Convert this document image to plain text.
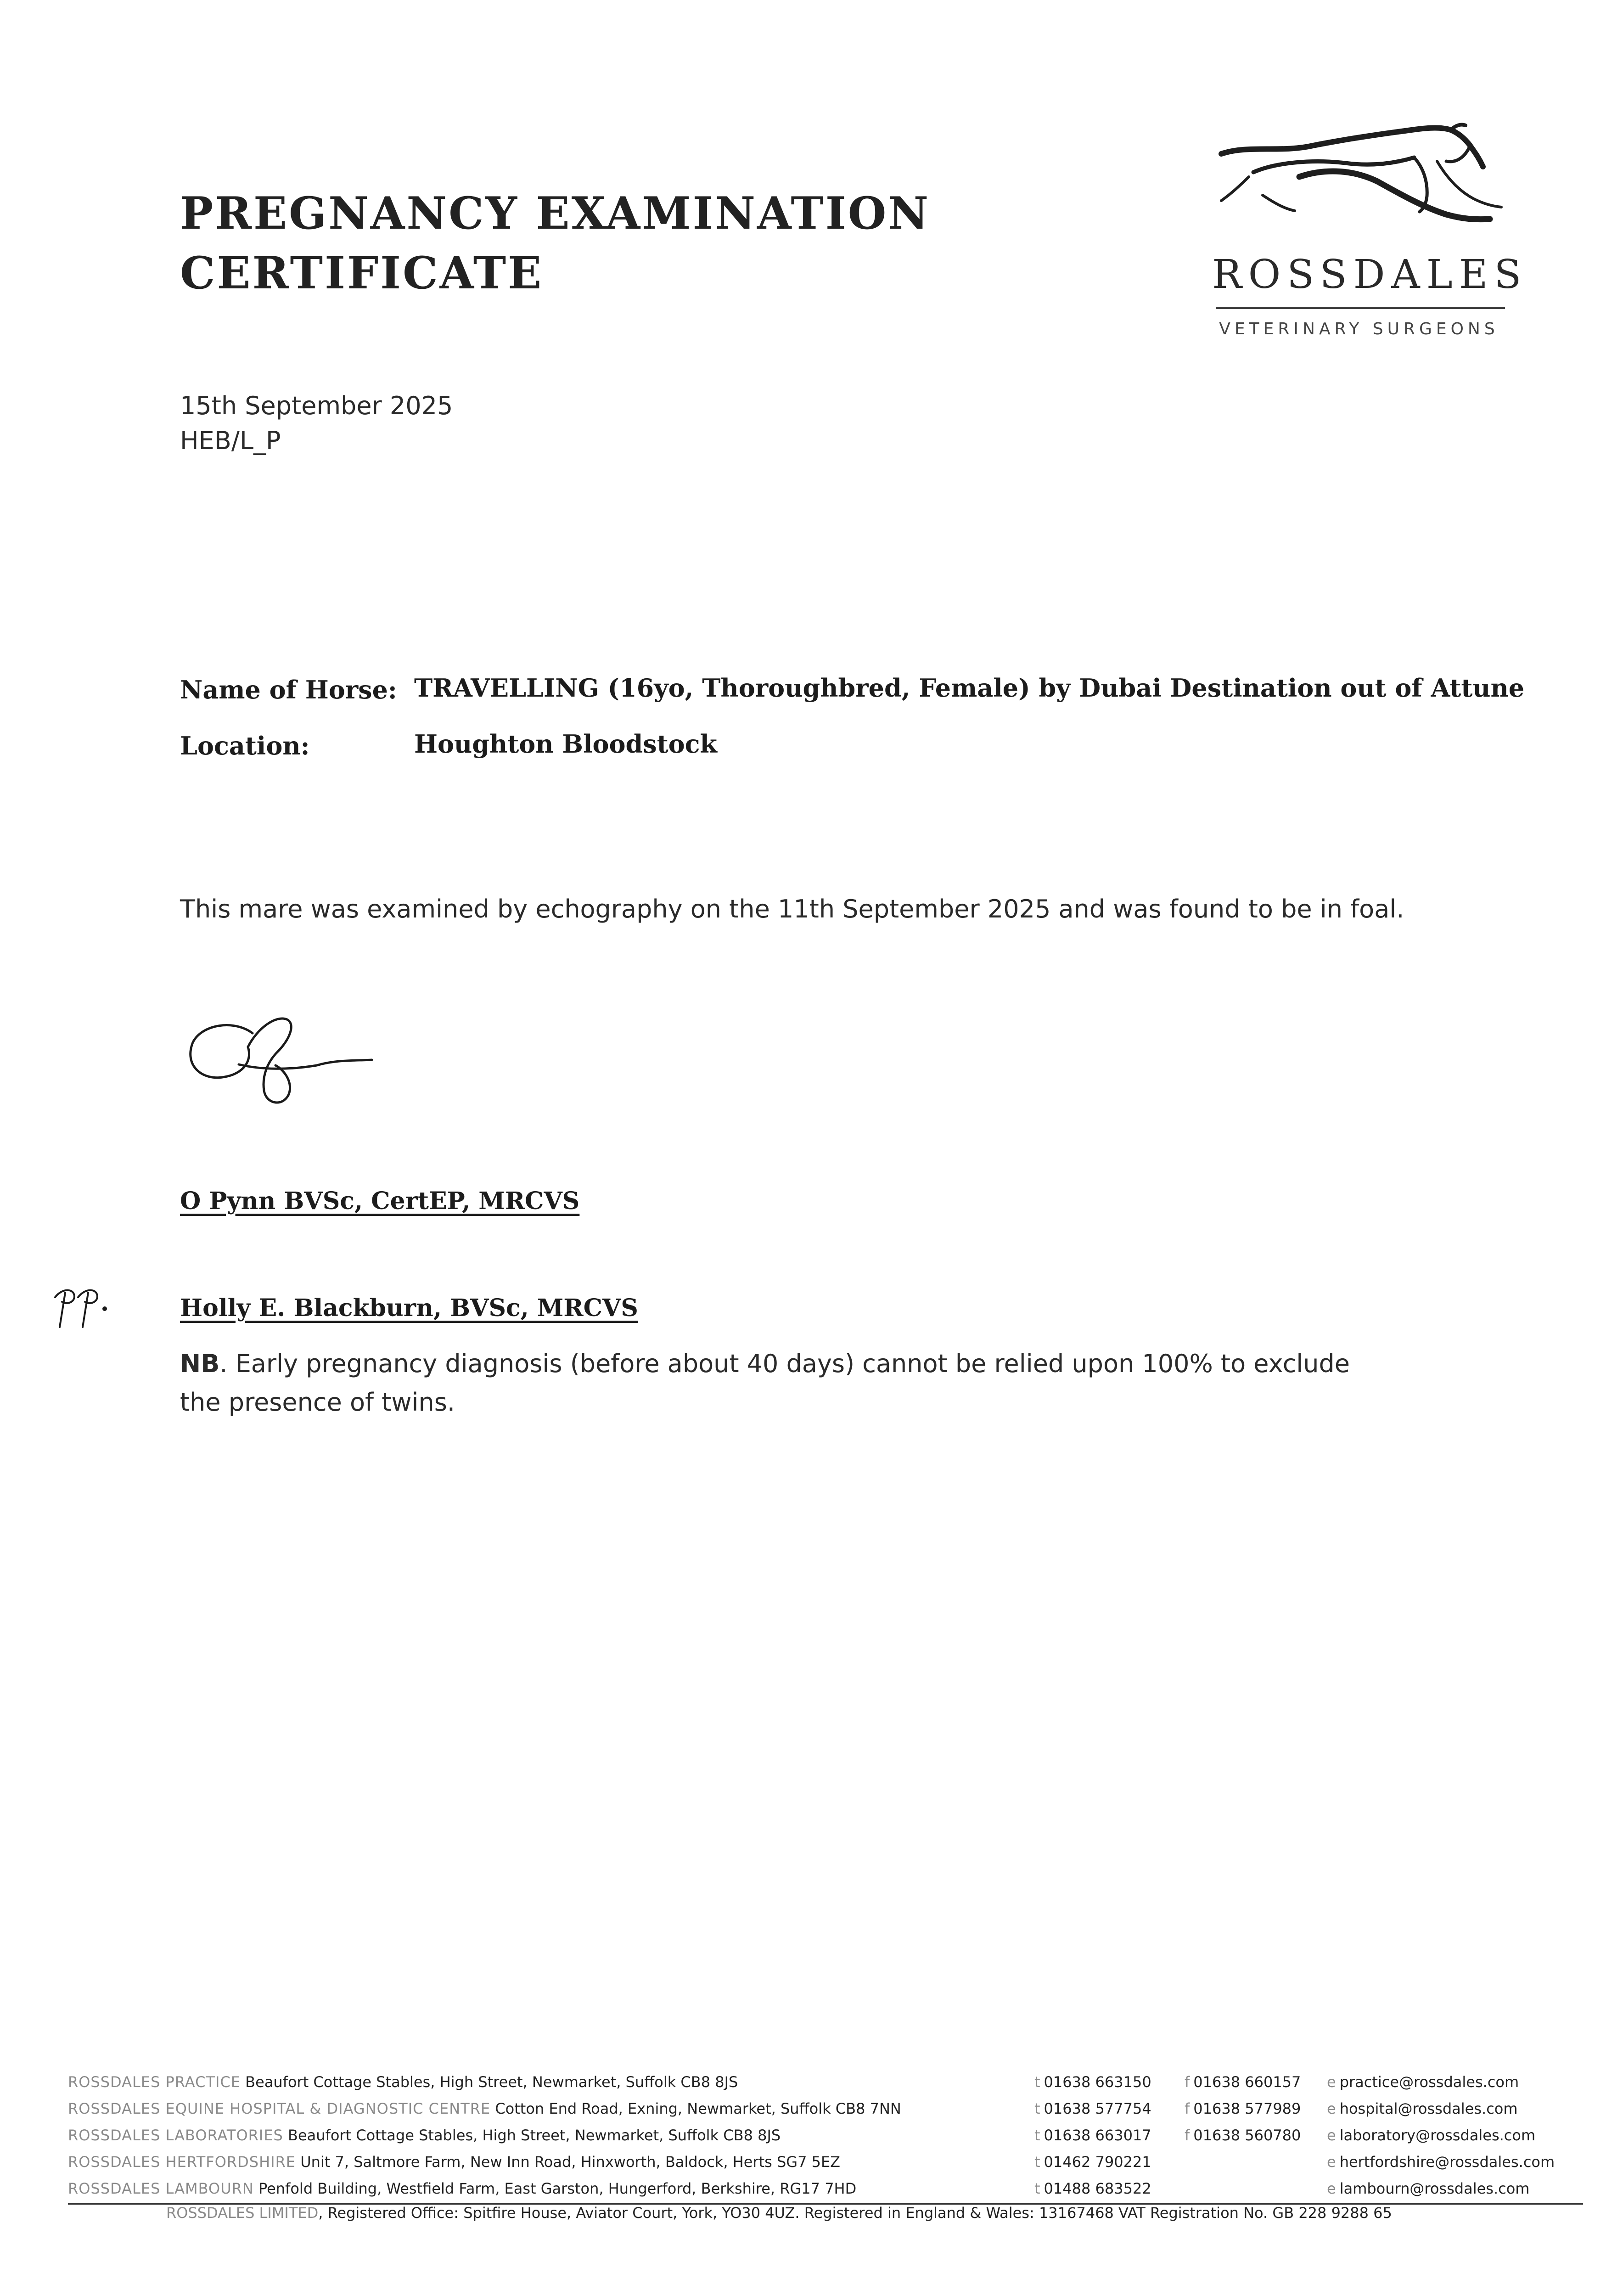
PREGNANCY EXAMINATION
CERTIFICATE	ROSSDALES
VETERINARY SURGEONS
15th September 2025
HEB/L_P
Name of Horse: TRAVELLING (16yo, Thoroughbred, Female) by Dubai Destination out of Attune
Location:	Houghton Bloodstock
This mare was examined by echography on the 11th September 2025 and was found to be in foal.
O Pynn BVSc, CertEP, MRCVS
Holly E. Blackburn, BVSc, MRCVS
NB. Early pregnancy diagnosis (before about 40 days) cannot be relied upon 100% to exclude the presence of twins.
ROSSDALES PRACTICE Beaufort Cottage Stables, High Street, Newmarket, Suffolk CB8 8JS	t 01638 663150 f 01638 660157 e practice@rossdales.com
ROSSDALES EQUINE HOSPITAL & DIAGNOSTIC CENTRE Cotton End Road, Exning, Newmarket, Suffolk CB8 7NN	t 01638 577754 f 01638 577989 e hospital@rossdales.com
ROSSDALES LABORATORIES Beaufort Cottage Stables, High Street, Newmarket, Suffolk CB8 8JS	t 01638 663017 f 01638 560780 e laboratory@rossdales.com
ROSSDALES HERTFORDSHIRE Unit 7, Saltmore Farm, New Inn Road, Hinxworth, Baldock, Herts SG7 5EZ	t 01462 790221	e hertfordshire@rossdales.com
ROSSDALES LAMBOURN Penfold Building, Westfield Farm, East Garston, Hungerford, Berkshire, RG17 7HD	t 01488 683522	e lambourn@rossdales.com
ROSSDALES LIMITED, Registered Office: Spitfire House, Aviator Court, York, YO30 4UZ. Registered in England & Wales: 13167468 VAT Registration No. GB 228 9288 65
